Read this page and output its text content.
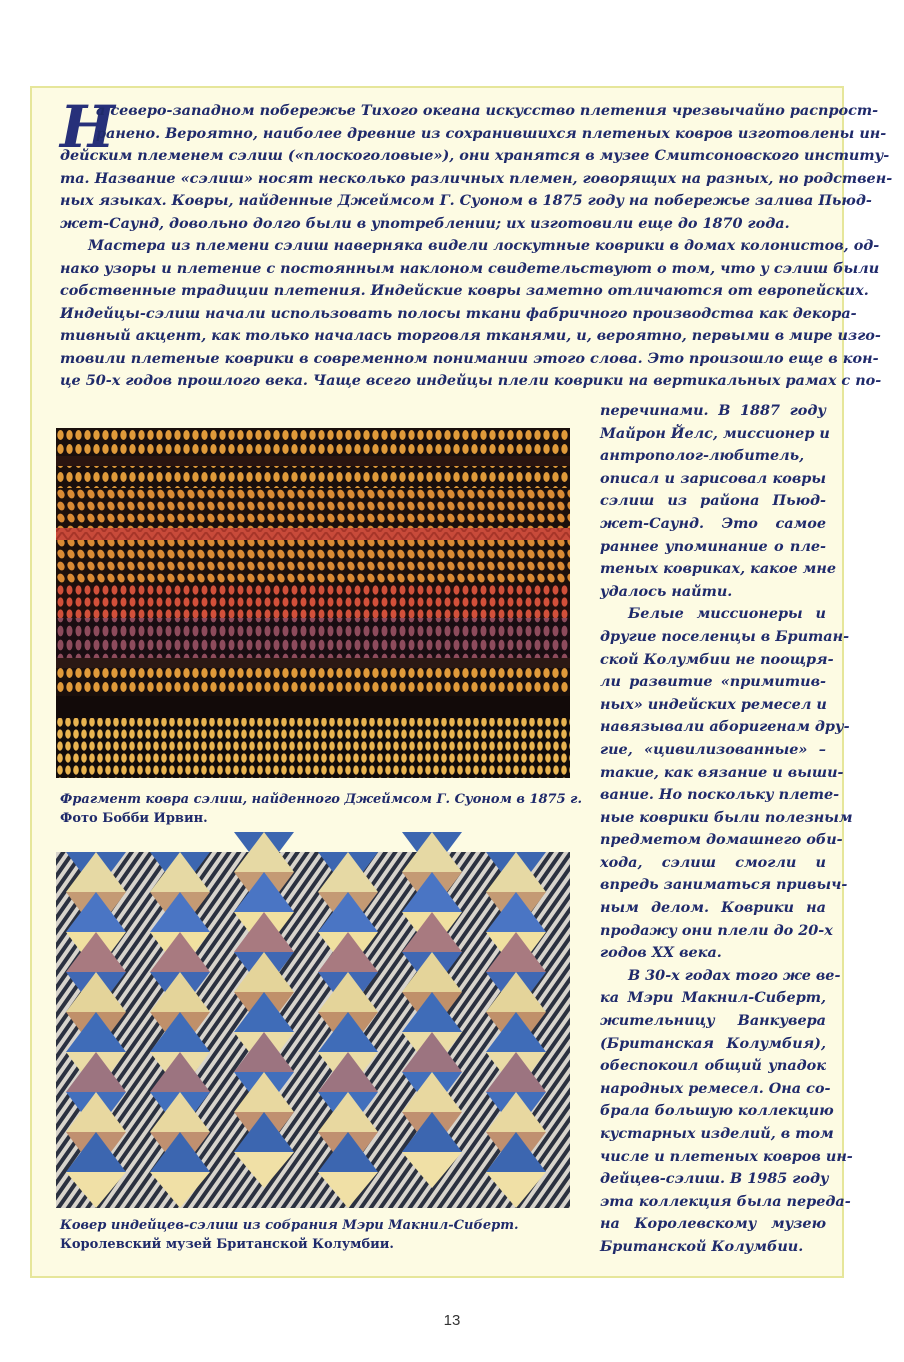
Н
а северо-западном побережье Тихого океана искусство плетения чрезвычайно распрост-
ранено. Вероятно, наиболее древние из сохранившихся плетеных ковров изготовлены ин-
дейским племенем сэлиш («плоскоголовые»), они хранятся в музее Смитсоновского институ-
та. Название «сэлиш» носят несколько различных племен, говорящих на разных, но родствен-
ных языках. Ковры, найденные Джеймсом Г. Суоном в 1875 году на побережье залива Пьюд-
жет-Саунд, довольно долго были в употреблении; их изготовили еще до 1870 года.
Мастера из племени сэлиш наверняка видели лоскутные коврики в домах колонистов, од-
нако узоры и плетение с постоянным наклоном свидетельствуют о том, что у сэлиш были
собственные традиции плетения. Индейские ковры заметно отличаются от европейских.
Индейцы-сэлиш начали использовать полосы ткани фабричного производства как декора-
тивный акцент, как только началась торговля тканями, и, вероятно, первыми в мире изго-
товили плетеные коврики в современном понимании этого слова. Это произошло еще в кон-
це 50-х годов прошлого века. Чаще всего индейцы плели коврики на вертикальных рамах с по-
перечинами. В 1887 году
Майрон Йелс, миссионер и
антрополог-любитель,
описал и зарисовал ковры
сэлиш из района Пьюд-
жет-Саунд. Это самое
раннее упоминание о пле-
теных ковриках, какое мне
удалось найти.
Белые миссионеры и
другие поселенцы в Британ-
ской Колумбии не поощря-
ли развитие «примитив-
ных» индейских ремесел и
навязывали аборигенам дру-
гие, «цивилизованные» –
такие, как вязание и выши-
вание. Но поскольку плете-
ные коврики были полезным
предметом домашнего оби-
хода, сэлиш смогли и
впредь заниматься привыч-
ным делом. Коврики на
продажу они плели до 20-х
годов XX века.
В 30-х годах того же ве-
ка Мэри Макнил-Сиберт,
жительницу Ванкувера
(Британская Колумбия),
обеспокоил общий упадок
народных ремесел. Она со-
брала большую коллекцию
кустарных изделий, в том
числе и плетеных ковров ин-
дейцев-сэлиш. В 1985 году
эта коллекция была переда-
на Королевскому музею
Британской Колумбии.
Фрагмент ковра сэлиш, найденного Джеймсом Г. Суоном в 1875 г.
Фото Бобби Ирвин.
Ковер индейцев-сэлиш из собрания Мэри Макнил-Сиберт.
Королевский музей Британской Колумбии.
13
